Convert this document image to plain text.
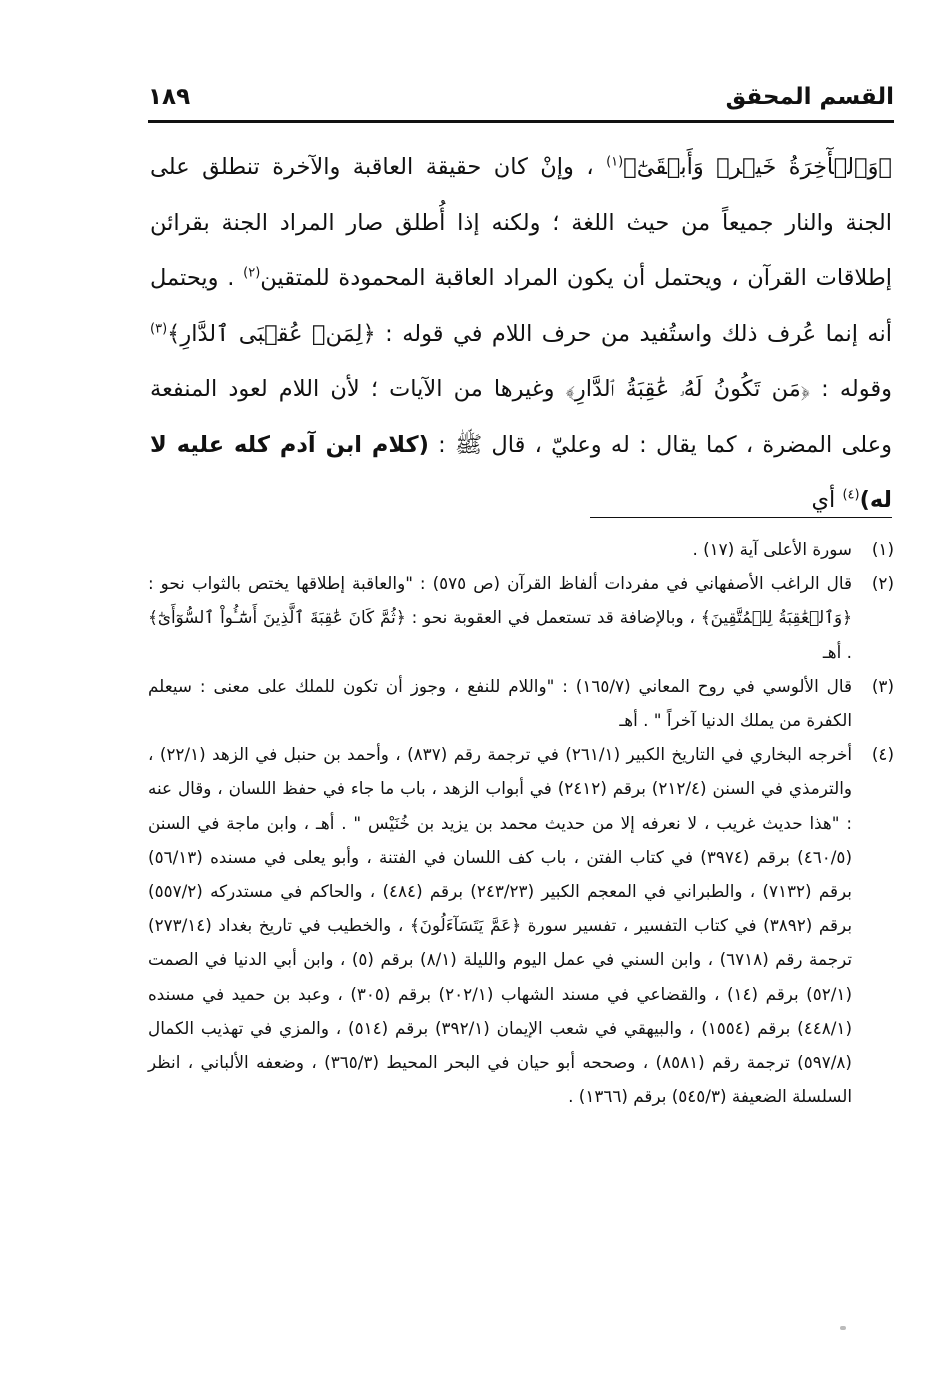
القسم المحقق
١٨٩

﴿وَٱلۡأٓخِرَةُ خَيۡرٞ وَأَبۡقَىٰٓ﴾$^{(١)}$ ، وإنْ كان حقيقة العاقبة والآخرة تنطلق على الجنة والنار جميعاً من حيث اللغة ؛ ولكنه إذا أُطلق صار المراد الجنة بقرائن إطلاقات القرآن ، ويحتمل أن يكون المراد العاقبة المحمودة للمتقين$^{(٢)}$ . ويحتمل أنه إنما عُرف ذلك واستُفيد من حرف اللام في قوله : ﴿لِمَنۡ عُقۡبَى ٱلدَّارِ﴾$^{(٣)}$ وقوله : ﴿مَن تَكُونُ لَهُۥ عَٰقِبَةُ ٱلدَّارِ﴾ وغيرها من الآيات ؛ لأن اللام لعود المنفعة وعلى المضرة ، كما يقال : له وعليّ ، قال ﷺ : (كلام ابن آدم كله عليه لا له)$^{(٤)}$ أي

(١)
سورة الأعلى آية (١٧) .

(٢)
قال الراغب الأصفهاني في مفردات ألفاظ القرآن (ص ٥٧٥) : "والعاقبة إطلاقها يختص بالثواب نحو : ﴿وَٱلۡعَٰقِبَةُ لِلۡمُتَّقِينَ﴾ ، وبالإضافة قد تستعمل في العقوبة نحو : ﴿ثُمَّ كَانَ عَٰقِبَةَ ٱلَّذِينَ أَسَٰٓـُٔواْ ٱلسُّوٓأَىٰٓ﴾ . أهـ

(٣)
قال الألوسي في روح المعاني (١٦٥/٧) : "واللام للنفع ، وجوز أن تكون للملك على معنى : سيعلم الكفرة من يملك الدنيا آخراً " . أهـ

(٤)
أخرجه البخاري في التاريخ الكبير (٢٦١/١) في ترجمة رقم (٨٣٧) ، وأحمد بن حنبل في الزهد (٢٢/١) ، والترمذي في السنن (٢١٢/٤) برقم (٢٤١٢) في أبواب الزهد ، باب ما جاء في حفظ اللسان ، وقال عنه : "هذا حديث غريب ، لا نعرفه إلا من حديث محمد بن يزيد بن خُنَيْس " . أهـ ، وابن ماجة في السنن (٤٦٠/٥) برقم (٣٩٧٤) في كتاب الفتن ، باب كف اللسان في الفتنة ، وأبو يعلى في مسنده (٥٦/١٣) برقم (٧١٣٢) ، والطبراني في المعجم الكبير (٢٤٣/٢٣) برقم (٤٨٤) ، والحاكم في مستدركه (٥٥٧/٢) برقم (٣٨٩٢) في كتاب التفسير ، تفسير سورة ﴿عَمَّ يَتَسَآءَلُونَ﴾ ، والخطيب في تاريخ بغداد (٢٧٣/١٤) ترجمة رقم (٦٧١٨) ، وابن السني في عمل اليوم والليلة (٨/١) برقم (٥) ، وابن أبي الدنيا في الصمت (٥٢/١) برقم (١٤) ، والقضاعي في مسند الشهاب (٢٠٢/١) برقم (٣٠٥) ، وعبد بن حميد في مسنده (٤٤٨/١) برقم (١٥٥٤) ، والبيهقي في شعب الإيمان (٣٩٢/١) برقم (٥١٤) ، والمزي في تهذيب الكمال (٥٩٧/٨) ترجمة رقم (٨٥٨١) ، وصححه أبو حيان في البحر المحيط (٣٦٥/٣) ، وضعفه الألباني ، انظر السلسلة الضعيفة (٥٤٥/٣) برقم (١٣٦٦) .
